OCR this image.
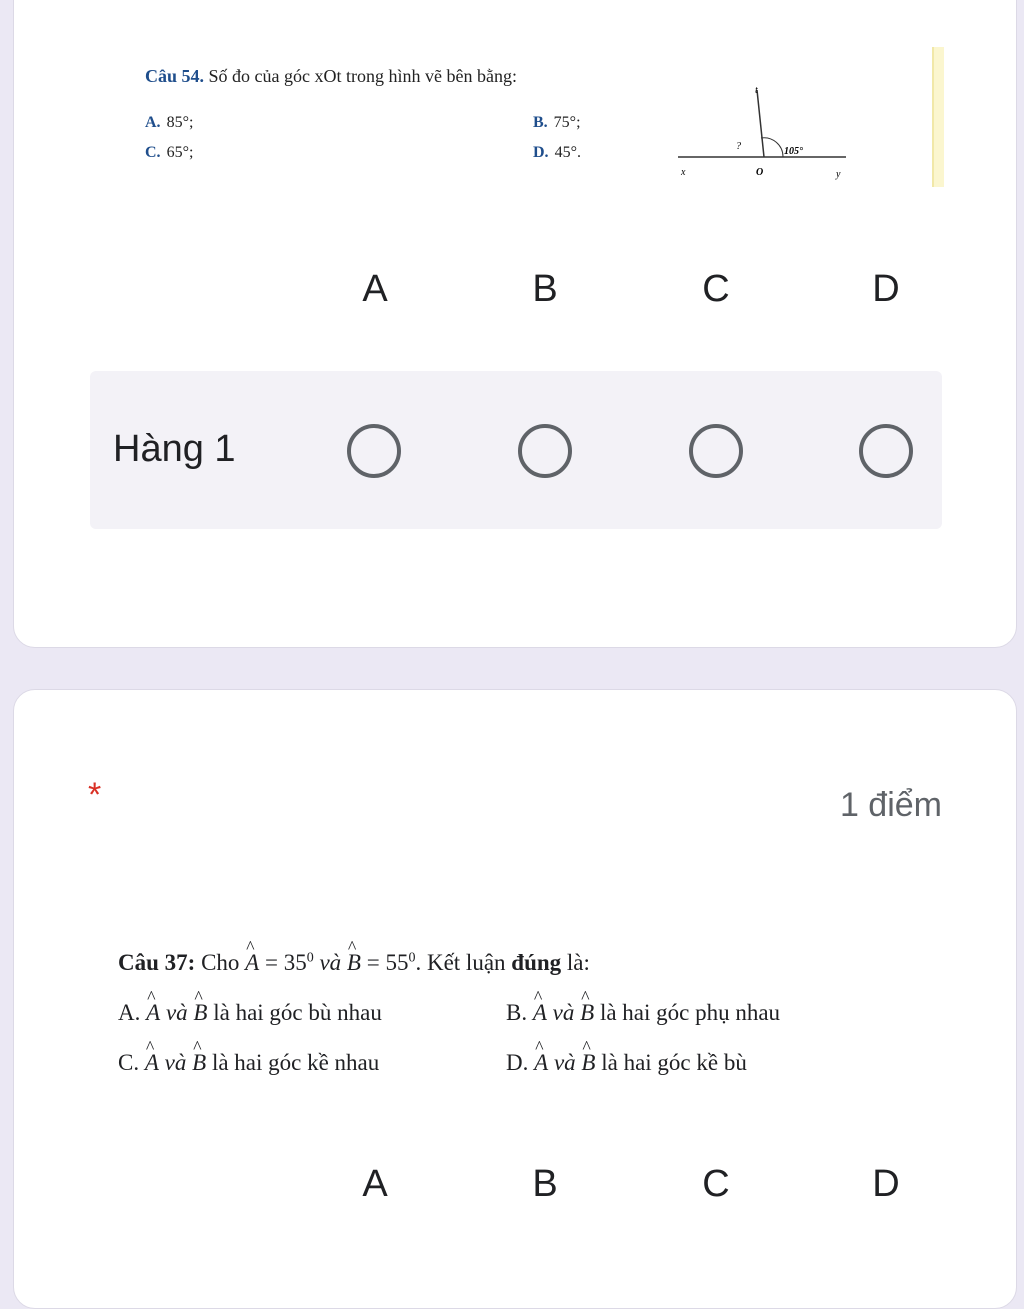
Câu 54. Số đo của góc xOt trong hình vẽ bên bằng:
A. 85°;	B. 75°;
C. 65°;	D. 45°.
t
x	O	y
?	105°
A	B	C	D
Hàng 1
*	1 điểm
Câu 37: Cho ^ $A = 35^0$ và ^ $B = 55^0$. Kết luận đúng là:
A. ^ A và ^ B là hai góc bù nhau	B. ^ A và ^ B là hai góc phụ nhau
C. ^ A và ^ B là hai góc kề nhau	D. ^ A và ^ B là hai góc kề bù
A	B	C	D
